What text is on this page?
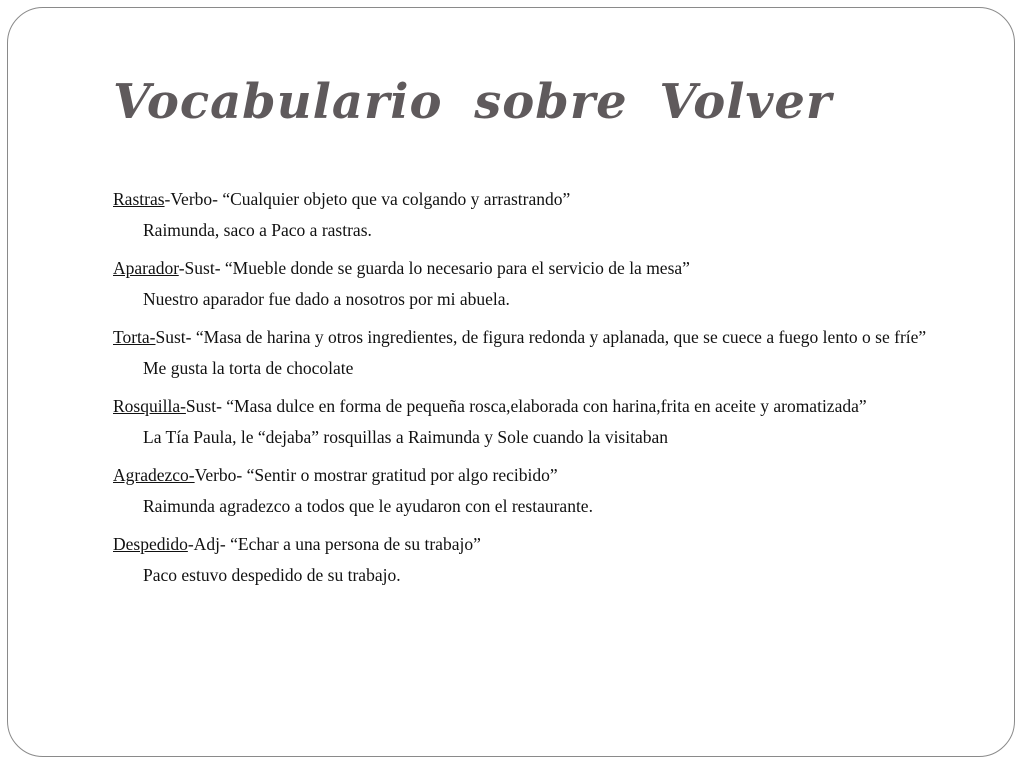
Vocabulario sobre Volver
Rastras-Verbo- “Cualquier objeto que va colgando y arrastrando”
Raimunda, saco a Paco a rastras.
Aparador-Sust- “Mueble donde se guarda lo necesario para el servicio de la mesa”
Nuestro aparador fue dado a nosotros por mi abuela.
Torta-Sust- “Masa de harina y otros ingredientes, de figura redonda y aplanada, que se cuece a fuego lento o se fríe”
Me gusta la torta de chocolate
Rosquilla-Sust- “Masa dulce en forma de pequeña rosca,elaborada con harina,frita en aceite y aromatizada”
La Tía Paula, le “dejaba” rosquillas a Raimunda y Sole cuando la visitaban
Agradezco-Verbo- “Sentir o mostrar gratitud por algo recibido”
Raimunda agradezco a todos que le ayudaron con el restaurante.
Despedido-Adj- “Echar a una persona de su trabajo”
Paco estuvo despedido de su trabajo.
